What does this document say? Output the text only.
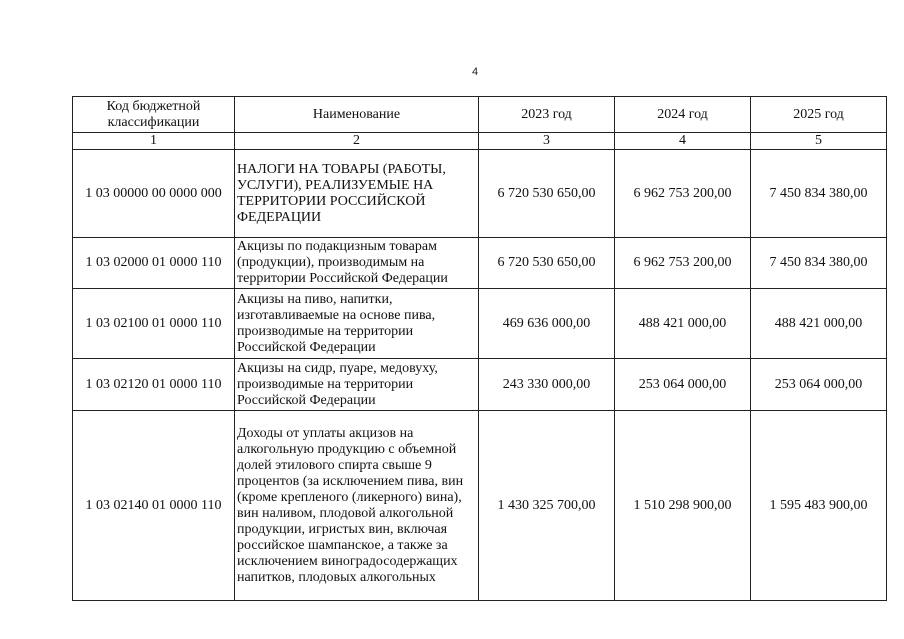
4
Код бюджетной классификации	Наименование	2023 год	2024 год	2025 год
1	2	3	4	5
1 03 00000 00 0000 000	НАЛОГИ НА ТОВАРЫ (РАБОТЫ, УСЛУГИ), РЕАЛИЗУЕМЫЕ НА ТЕРРИТОРИИ РОССИЙСКОЙ ФЕДЕРАЦИИ	6 720 530 650,00	6 962 753 200,00	7 450 834 380,00
1 03 02000 01 0000 110	Акцизы по подакцизным товарам (продукции), производимым на территории Российской Федерации	6 720 530 650,00	6 962 753 200,00	7 450 834 380,00
1 03 02100 01 0000 110	Акцизы на пиво, напитки, изготавливаемые на основе пива, производимые на территории Российской Федерации	469 636 000,00	488 421 000,00	488 421 000,00
1 03 02120 01 0000 110	Акцизы на сидр, пуаре, медовуху, производимые на территории Российской Федерации	243 330 000,00	253 064 000,00	253 064 000,00
1 03 02140 01 0000 110	Доходы от уплаты акцизов на алкогольную продукцию с объемной долей этилового спирта свыше 9 процентов (за исключением пива, вин (кроме крепленого (ликерного) вина), вин наливом, плодовой алкогольной продукции, игристых вин, включая российское шампанское, а также за исключением виноградосодержащих напитков, плодовых алкогольных	1 430 325 700,00	1 510 298 900,00	1 595 483 900,00
